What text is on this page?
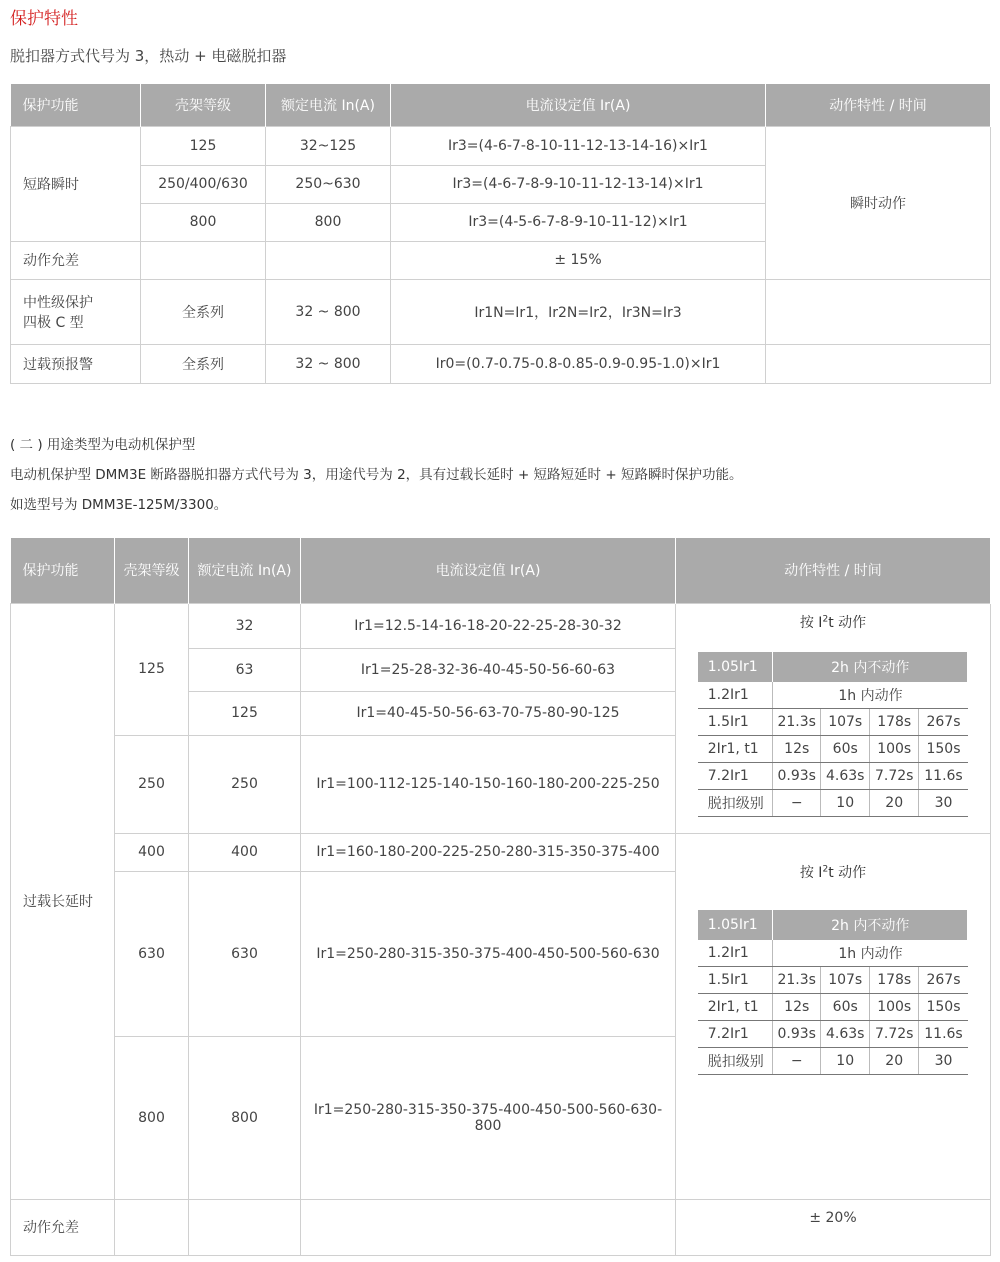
保护特性
脱扣器方式代号为 3，热动 + 电磁脱扣器
保护功能	壳架等级	额定电流 In(A)	电流设定值 Ir(A)	动作特性 / 时间
短路瞬时	125	32~125	Ir3=(4-6-7-8-10-11-12-13-14-16)×Ir1	瞬时动作
	250/400/630	250~630	Ir3=(4-6-7-8-9-10-11-12-13-14)×Ir1	
	800	800	Ir3=(4-5-6-7-8-9-10-11-12)×Ir1	
动作允差			± 15%	
中性级保护
四极 C 型	全系列	32 ~ 800	Ir1N=Ir1，Ir2N=Ir2，Ir3N=Ir3	
过载预报警	全系列	32 ~ 800	Ir0=(0.7-0.75-0.8-0.85-0.9-0.95-1.0)×Ir1	
( 二 ) 用途类型为电动机保护型
电动机保护型 DMM3E 断路器脱扣器方式代号为 3，用途代号为 2，具有过载长延时 + 短路短延时 + 短路瞬时保护功能。
如选型号为 DMM3E-125M/3300。
保护功能	壳架等级	额定电流 In(A)	电流设定值 Ir(A)	动作特性 / 时间
过载长延时	125	32	Ir1=12.5-14-16-18-20-22-25-28-30-32	按 $I^2t$ 动作
1.05Ir1	2h 内不动作
1.2Ir1	1h 内动作
1.5Ir1	21.3s	107s	178s	267s
2Ir1, t1	12s	60s	100s	150s
7.2Ir1	0.93s	4.63s	7.72s	11.6s
脱扣级别	−	10	20	30

63	Ir1=25-28-32-36-40-45-50-56-60-63
125	Ir1=40-45-50-56-63-70-75-80-90-125
250	250	Ir1=100-112-125-140-150-160-180-200-225-250
400	400	Ir1=160-180-200-225-250-280-315-350-375-400	
按 $I^2t$ 动作
1.05Ir1	2h 内不动作
1.2Ir1	1h 内动作
1.5Ir1	21.3s	107s	178s	267s
2Ir1, t1	12s	60s	100s	150s
7.2Ir1	0.93s	4.63s	7.72s	11.6s
脱扣级别	−	10	20	30

630	630	Ir1=250-280-315-350-375-400-450-500-560-630
800	800	Ir1=250-280-315-350-375-400-450-500-560-630-800
动作允差				± 20%
